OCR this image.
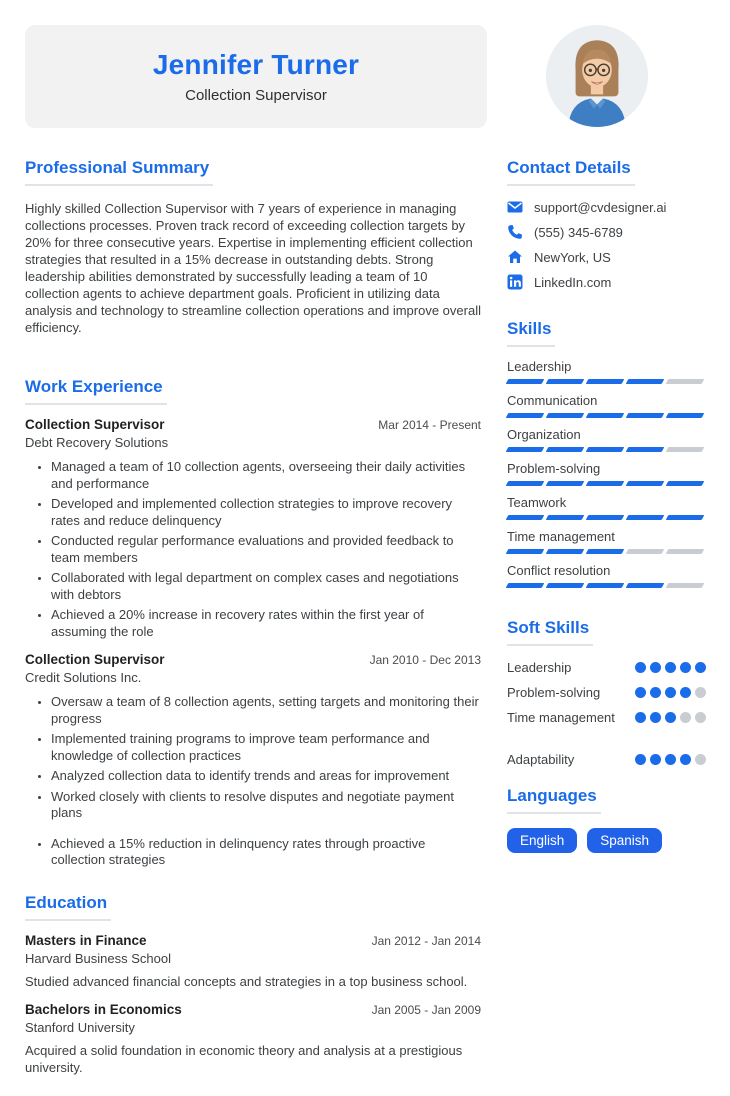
Jennifer Turner
Collection Supervisor
Professional Summary

Highly skilled Collection Supervisor with 7 years of experience in managing collections processes. Proven track record of exceeding collection targets by 20% for three consecutive years. Expertise in implementing efficient collection strategies that resulted in a 15% decrease in outstanding debts. Strong leadership abilities demonstrated by successfully leading a team of 10 collection agents to achieve department goals. Proficient in utilizing data analysis and technology to streamline collection operations and improve overall efficiency.

Work Experience
Collection Supervisor	Mar 2014 - Present
Debt Recovery Solutions
• Managed a team of 10 collection agents, overseeing their daily activities and performance
• Developed and implemented collection strategies to improve recovery rates and reduce delinquency
• Conducted regular performance evaluations and provided feedback to team members
• Collaborated with legal department on complex cases and negotiations with debtors
• Achieved a 20% increase in recovery rates within the first year of assuming the role
Collection Supervisor	Jan 2010 - Dec 2013
Credit Solutions Inc.
• Oversaw a team of 8 collection agents, setting targets and monitoring their progress
• Implemented training programs to improve team performance and knowledge of collection practices
• Analyzed collection data to identify trends and areas for improvement
• Worked closely with clients to resolve disputes and negotiate payment plans
• Achieved a 15% reduction in delinquency rates through proactive collection strategies
Education
Masters in Finance	Jan 2012 - Jan 2014
Harvard Business School

Studied advanced financial concepts and strategies in a top business school.

Bachelors in Economics	Jan 2005 - Jan 2009
Stanford University

Acquired a solid foundation in economic theory and analysis at a prestigious university.

Contact Details
support@cvdesigner.ai
(555) 345-6789
NewYork, US
LinkedIn.com
Skills
Leadership
Communication
Organization
Problem-solving
Teamwork
Time management
Conflict resolution
Soft Skills
Leadership
Problem-solving
Time management
Adaptability
Languages
English	Spanish
